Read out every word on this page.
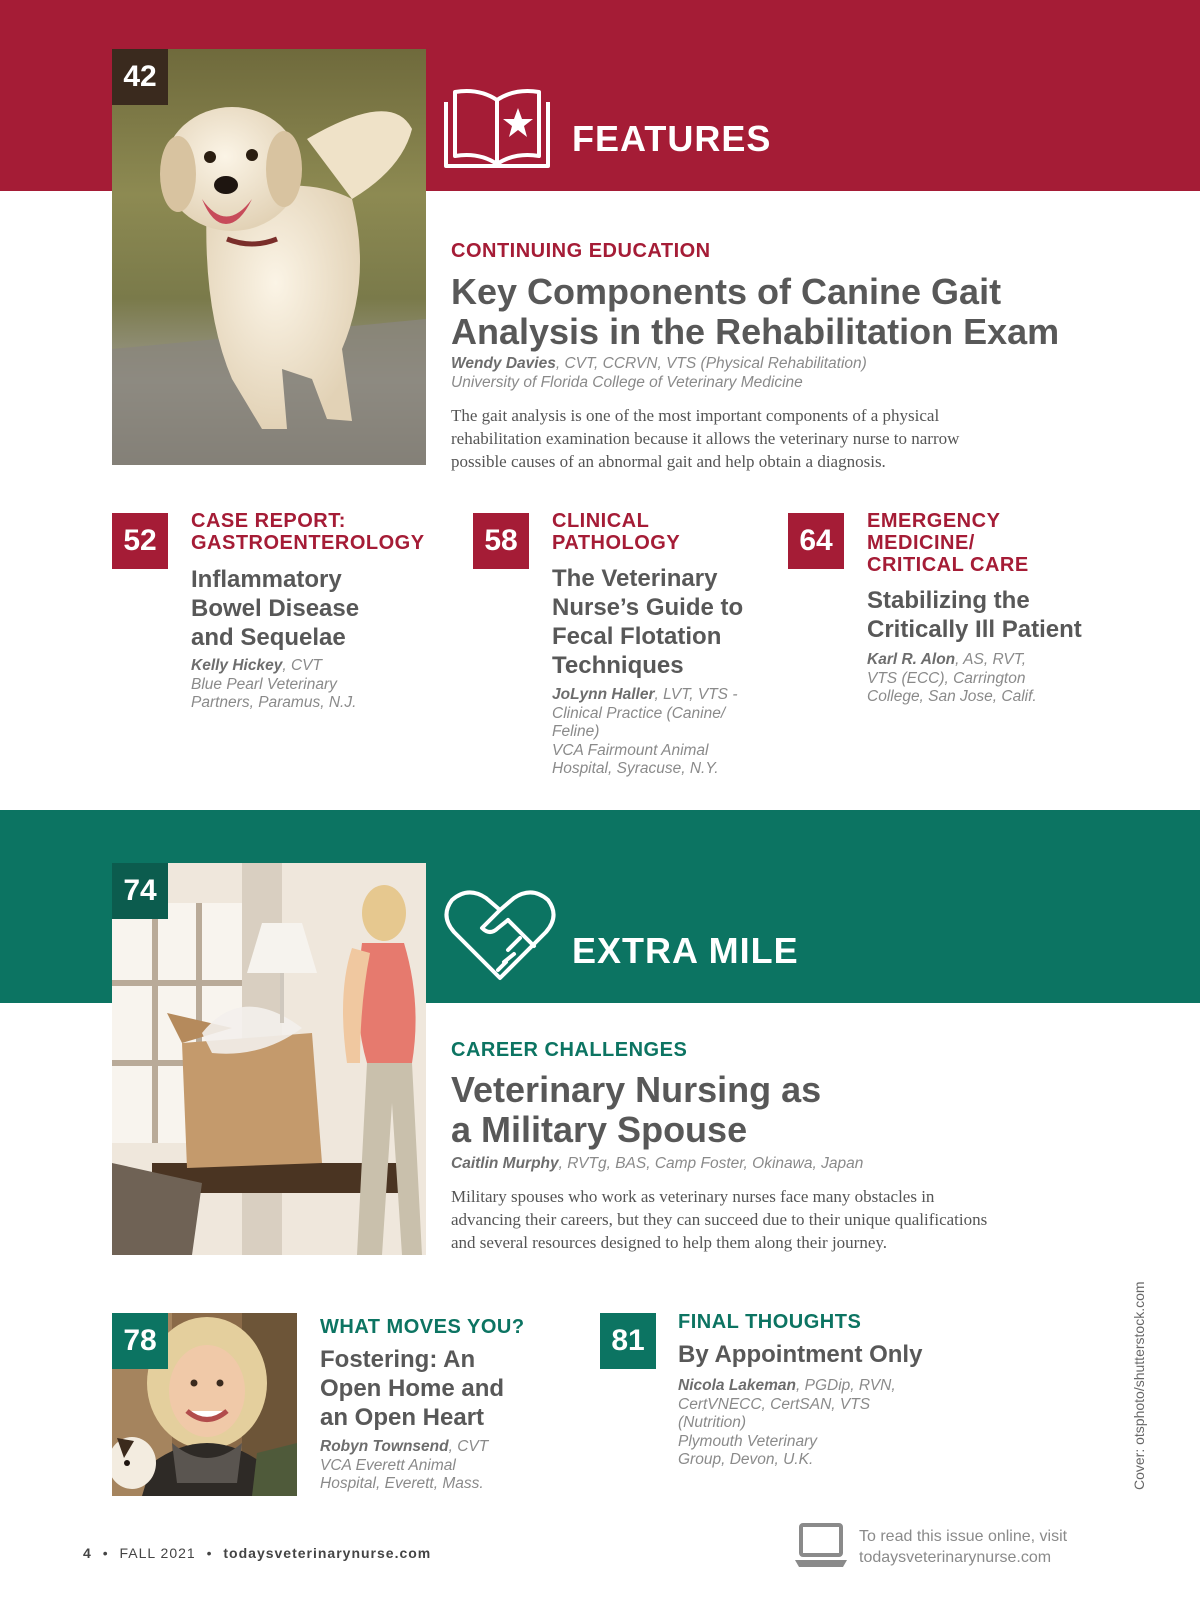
42
FEATURES
CONTINUING EDUCATION
Key Components of Canine Gait
Analysis in the Rehabilitation Exam
Wendy Davies, CVT, CCRVN, VTS (Physical Rehabilitation)
University of Florida College of Veterinary Medicine
The gait analysis is one of the most important components of a physical
rehabilitation examination because it allows the veterinary nurse to narrow
possible causes of an abnormal gait and help obtain a diagnosis.
52
CASE REPORT:
GASTROENTEROLOGY
Inflammatory
Bowel Disease
and Sequelae
Kelly Hickey, CVT
Blue Pearl Veterinary
Partners, Paramus, N.J.
58
CLINICAL
PATHOLOGY
The Veterinary
Nurse’s Guide to
Fecal Flotation
Techniques
JoLynn Haller, LVT, VTS -
Clinical Practice (Canine/
Feline)
VCA Fairmount Animal
Hospital, Syracuse, N.Y.
64
EMERGENCY
MEDICINE/
CRITICAL CARE
Stabilizing the
Critically Ill Patient
Karl R. Alon, AS, RVT,
VTS (ECC), Carrington
College, San Jose, Calif.
74
EXTRA MILE
CAREER CHALLENGES
Veterinary Nursing as
a Military Spouse
Caitlin Murphy, RVTg, BAS, Camp Foster, Okinawa, Japan
Military spouses who work as veterinary nurses face many obstacles in
advancing their careers, but they can succeed due to their unique qualifications
and several resources designed to help them along their journey.
78	WHAT MOVES YOU?
Fostering: An
Open Home and
an Open Heart
Robyn Townsend, CVT
VCA Everett Animal
Hospital, Everett, Mass.
81
FINAL THOUGHTS
By Appointment Only
Nicola Lakeman, PGDip, RVN,
CertVNECC, CertSAN, VTS
(Nutrition)
Plymouth Veterinary
Group, Devon, U.K.	Cover: otsphoto/shutterstock.com
4 • FALL 2021 • todaysveterinarynurse.com
To read this issue online, visit
todaysveterinarynurse.com
